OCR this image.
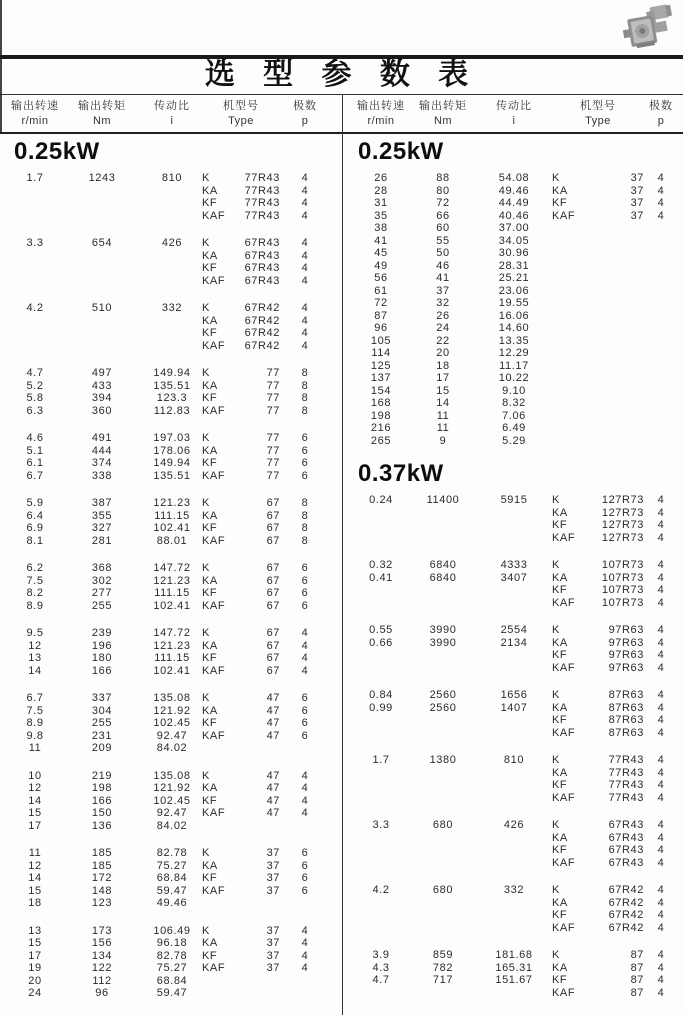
选 型 参 数 表
输出转速
r/min
输出转矩
Nm
传动比
i
机型号
Type
极数
p
输出转速
r/min
输出转矩
Nm
传动比
i
机型号
Type
极数
p
0.25kW
1.7	1243	810	K	77R43	4
KA	77R43	4
KF	77R43	4
KAF	77R43	4
3.3	654	426	K	67R43	4
KA	67R43	4
KF	67R43	4
KAF	67R43	4
4.2	510	332	K	67R42	4
KA	67R42	4
KF	67R42	4
KAF	67R42	4
4.7	497	149.94	K	77	8
5.2	433	135.51	KA	77	8
5.8	394	123.3	KF	77	8
6.3	360	112.83	KAF	77	8
4.6	491	197.03	K	77	6
5.1	444	178.06	KA	77	6
6.1	374	149.94	KF	77	6
6.7	338	135.51	KAF	77	6
5.9	387	121.23	K	67	8
6.4	355	111.15	KA	67	8
6.9	327	102.41	KF	67	8
8.1	281	88.01	KAF	67	8
6.2	368	147.72	K	67	6
7.5	302	121.23	KA	67	6
8.2	277	111.15	KF	67	6
8.9	255	102.41	KAF	67	6
9.5	239	147.72	K	67	4
12	196	121.23	KA	67	4
13	180	111.15	KF	67	4
14	166	102.41	KAF	67	4
6.7	337	135.08	K	47	6
7.5	304	121.92	KA	47	6
8.9	255	102.45	KF	47	6
9.8	231	92.47	KAF	47	6
11	209	84.02
10	219	135.08	K	47	4
12	198	121.92	KA	47	4
14	166	102.45	KF	47	4
15	150	92.47	KAF	47	4
17	136	84.02
11	185	82.78	K	37	6
12	185	75.27	KA	37	6
14	172	68.84	KF	37	6
15	148	59.47	KAF	37	6
18	123	49.46
13	173	106.49	K	37	4
15	156	96.18	KA	37	4
17	134	82.78	KF	37	4
19	122	75.27	KAF	37	4
20	112	68.84
24	96	59.47
0.25kW
26	88	54.08	K	37	4
28	80	49.46	KA	37	4
31	72	44.49	KF	37	4
35	66	40.46	KAF	37	4
38	60	37.00
41	55	34.05
45	50	30.96
49	46	28.31
56	41	25.21
61	37	23.06
72	32	19.55
87	26	16.06
96	24	14.60
105	22	13.35
114	20	12.29
125	18	11.17
137	17	10.22
154	15	9.10
168	14	8.32
198	11	7.06
216	11	6.49
265	9	5.29
0.37kW
0.24	11400	5915	K	127R73	4
KA	127R73	4
KF	127R73	4
KAF	127R73	4
0.32	6840	4333	K	107R73	4
0.41	6840	3407	KA	107R73	4
KF	107R73	4
KAF	107R73	4
0.55	3990	2554	K	97R63	4
0.66	3990	2134	KA	97R63	4
KF	97R63	4
KAF	97R63	4
0.84	2560	1656	K	87R63	4
0.99	2560	1407	KA	87R63	4
KF	87R63	4
KAF	87R63	4
1.7	1380	810	K	77R43	4
KA	77R43	4
KF	77R43	4
KAF	77R43	4
3.3	680	426	K	67R43	4
KA	67R43	4
KF	67R43	4
KAF	67R43	4
4.2	680	332	K	67R42	4
KA	67R42	4
KF	67R42	4
KAF	67R42	4
3.9	859	181.68	K	87	4
4.3	782	165.31	KA	87	4
4.7	717	151.67	KF	87	4
KAF	87	4
